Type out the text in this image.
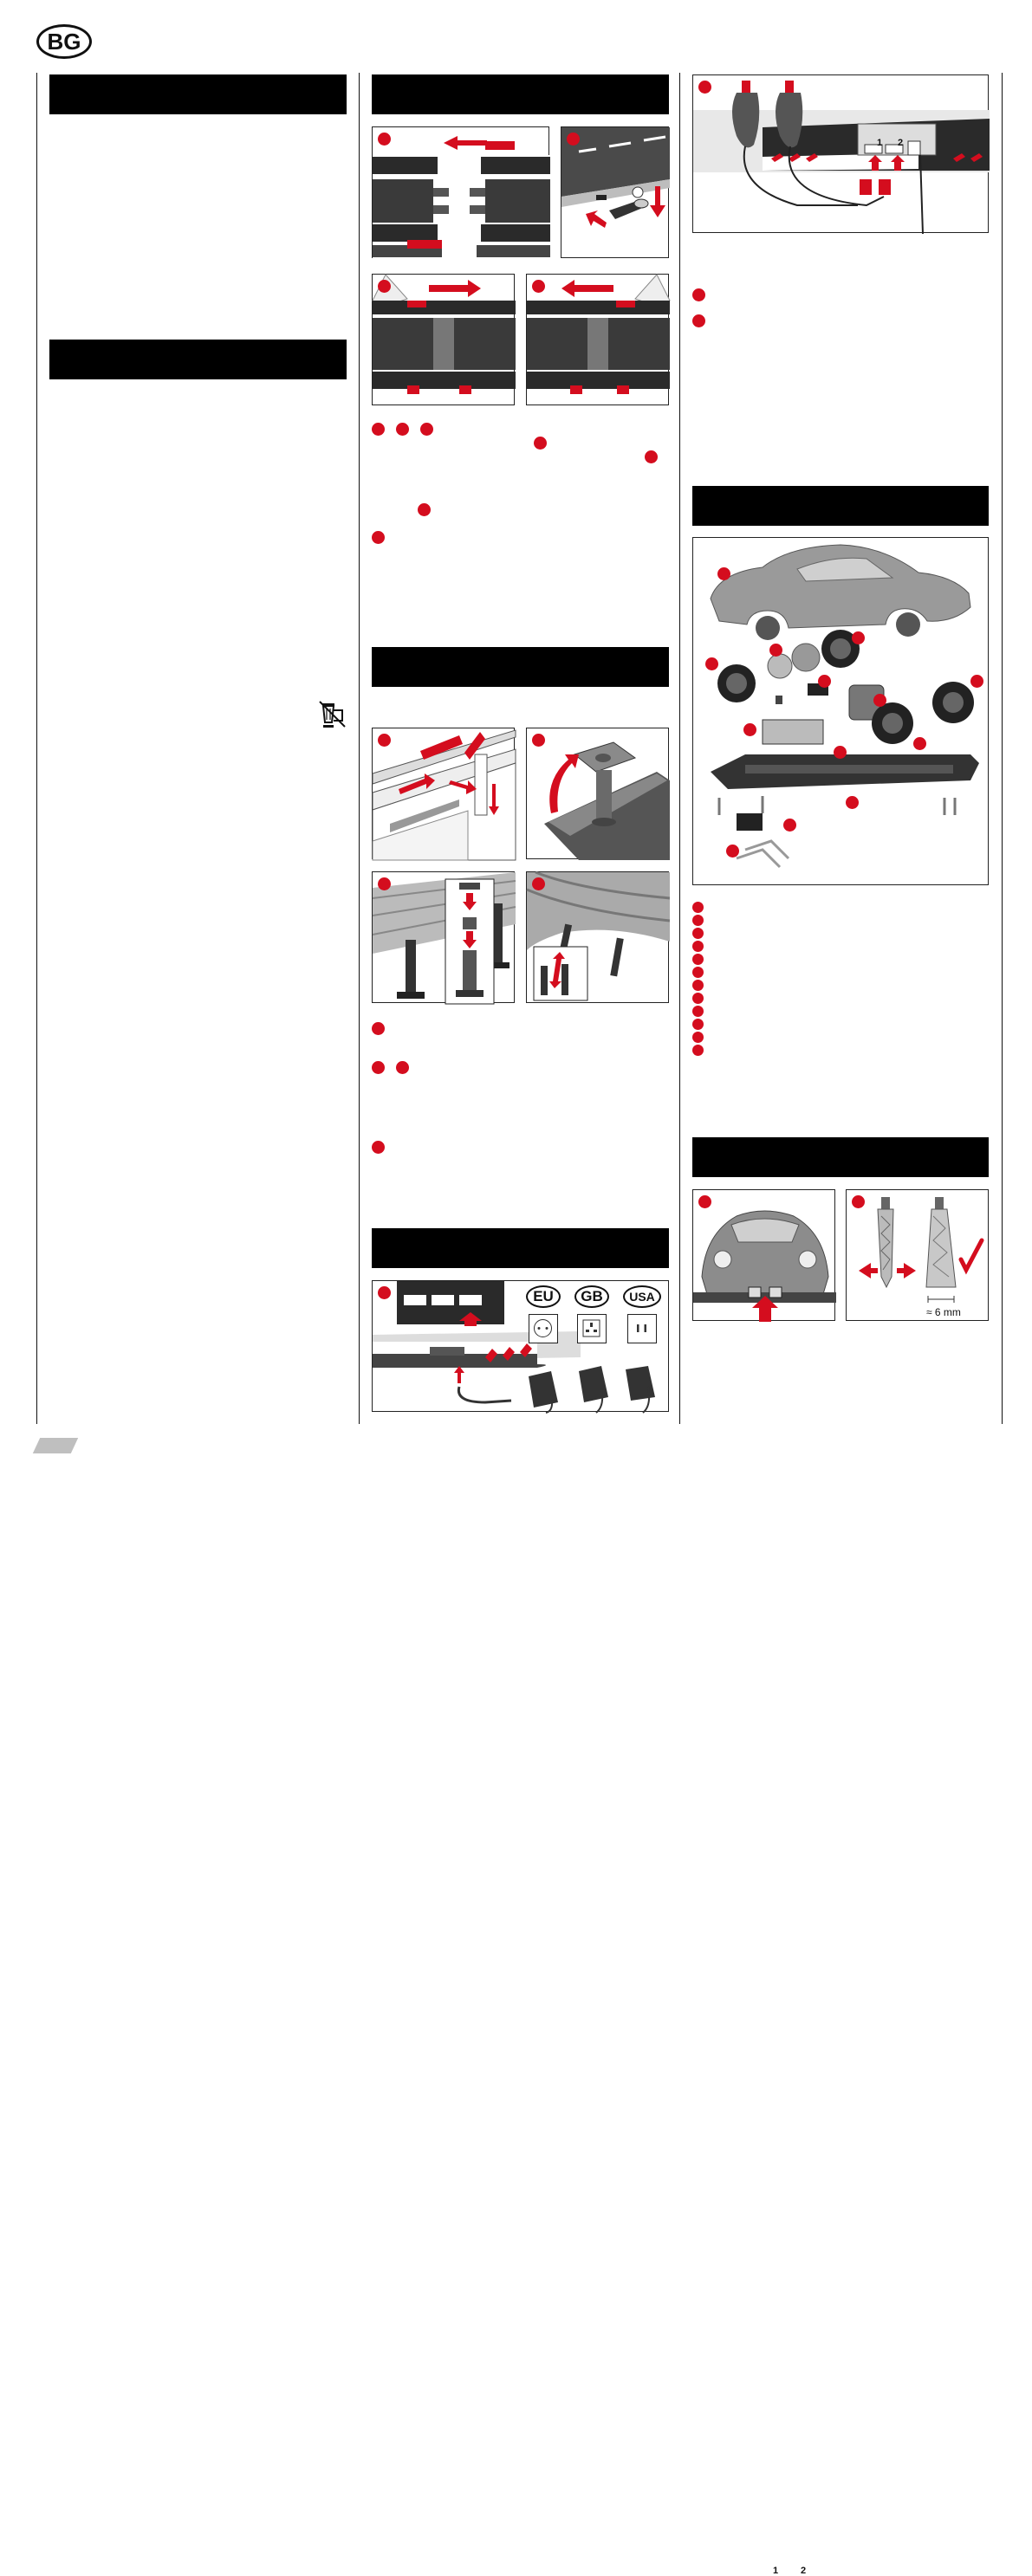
BG
1 2
EU	GB	USA
1 2
≈ 6 mm
